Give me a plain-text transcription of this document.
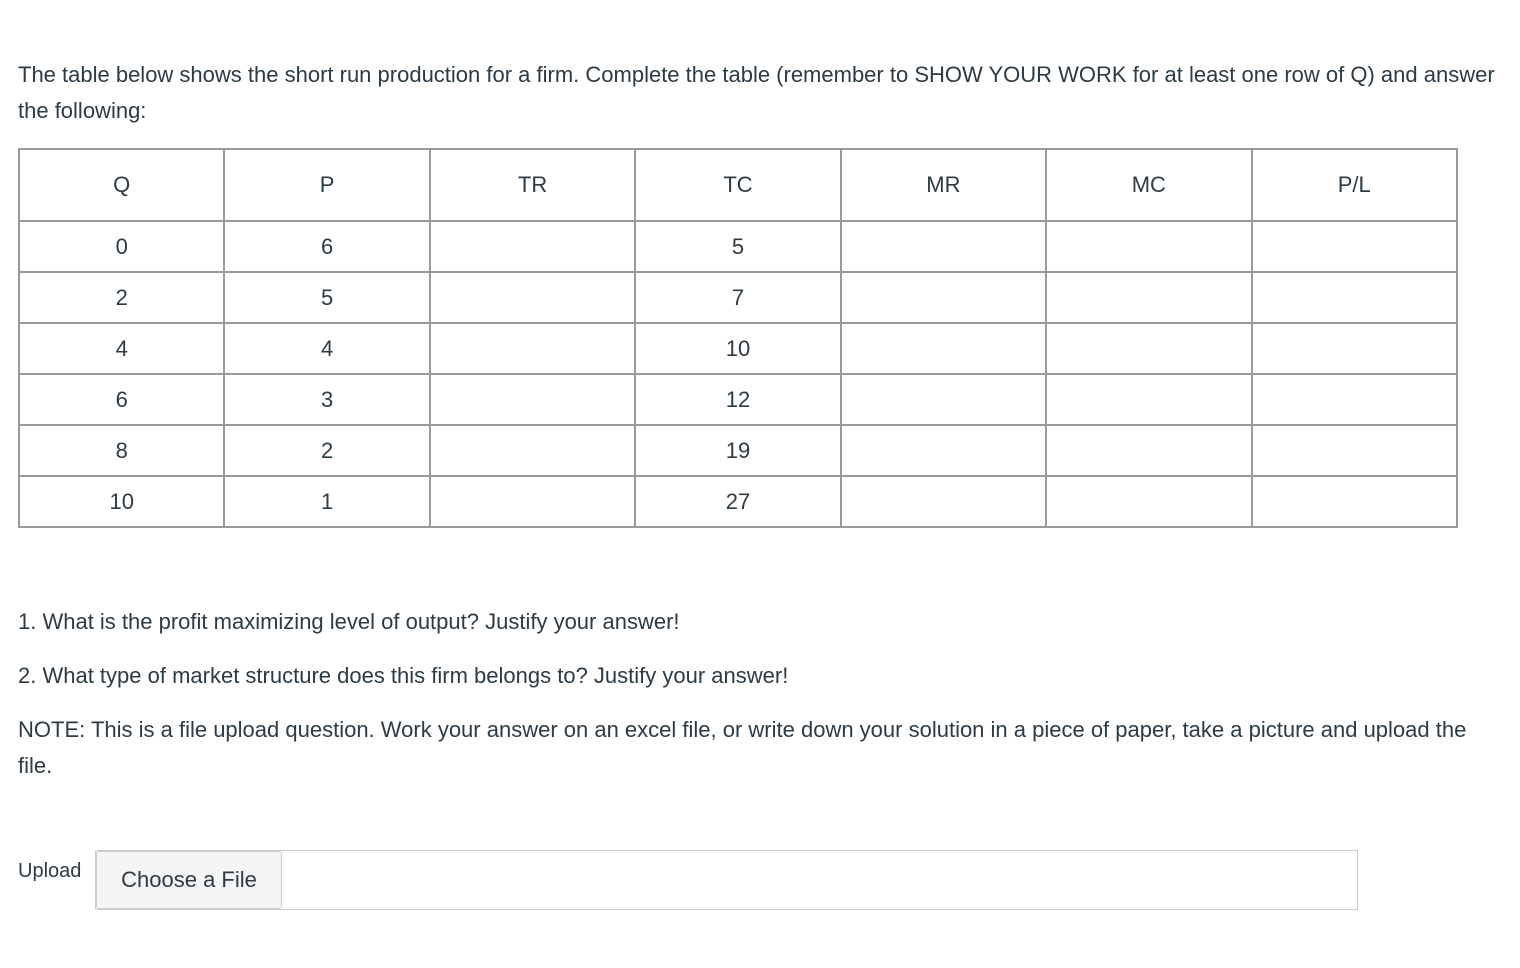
The table below shows the short run production for a firm. Complete the table (remember to SHOW YOUR WORK for at least one row of Q) and answer the following:

Q	P	TR	TC	MR	MC	P/L
0	6		5			
2	5		7			
4	4		10			
6	3		12			
8	2		19			
10	1		27			

1. What is the profit maximizing level of output? Justify your answer!

2. What type of market structure does this firm belongs to? Justify your answer!

NOTE: This is a file upload question. Work your answer on an excel file, or write down your solution in a piece of paper, take a picture and upload the file.

Upload	Choose a File
